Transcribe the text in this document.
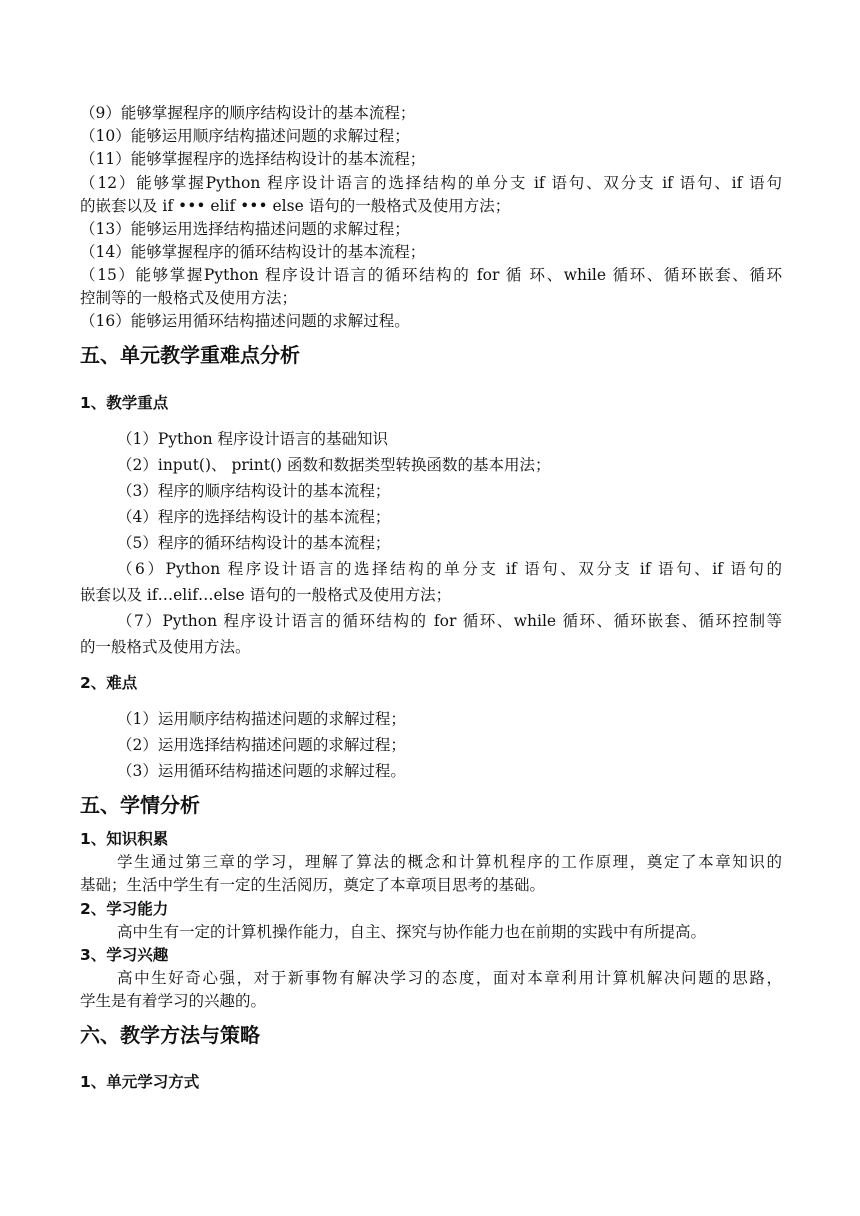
（9）能够掌握程序的顺序结构设计的基本流程；
（10）能够运用顺序结构描述问题的求解过程；
（11）能够掌握程序的选择结构设计的基本流程；
（12）能够掌握Python 程序设计语言的选择结构的单分支 if 语句、双分支 if 语句、if 语句
的嵌套以及 if ••• elif ••• else 语句的一般格式及使用方法；
（13）能够运用选择结构描述问题的求解过程；
（14）能够掌握程序的循环结构设计的基本流程；
（15）能够掌握Python 程序设计语言的循环结构的 for 循 环、while 循环、循环嵌套、循环
控制等的一般格式及使用方法；
（16）能够运用循环结构描述问题的求解过程。
五、单元教学重难点分析
1、教学重点
（1）Python 程序设计语言的基础知识
（2）input()、 print() 函数和数据类型转换函数的基本用法；
（3）程序的顺序结构设计的基本流程；
（4）程序的选择结构设计的基本流程；
（5）程序的循环结构设计的基本流程；
（6）Python 程序设计语言的选择结构的单分支 if 语句、双分支 if 语句、if 语句的
嵌套以及 if…elif…else 语句的一般格式及使用方法；
（7）Python 程序设计语言的循环结构的 for 循环、while 循环、循环嵌套、循环控制等
的一般格式及使用方法。
2、难点
（1）运用顺序结构描述问题的求解过程；
（2）运用选择结构描述问题的求解过程；
（3）运用循环结构描述问题的求解过程。
五、学情分析
1、知识积累
学生通过第三章的学习，理解了算法的概念和计算机程序的工作原理，奠定了本章知识的
基础；生活中学生有一定的生活阅历，奠定了本章项目思考的基础。
2、学习能力
高中生有一定的计算机操作能力，自主、探究与协作能力也在前期的实践中有所提高。
3、学习兴趣
高中生好奇心强，对于新事物有解决学习的态度，面对本章利用计算机解决问题的思路，
学生是有着学习的兴趣的。
六、教学方法与策略
1、单元学习方式
